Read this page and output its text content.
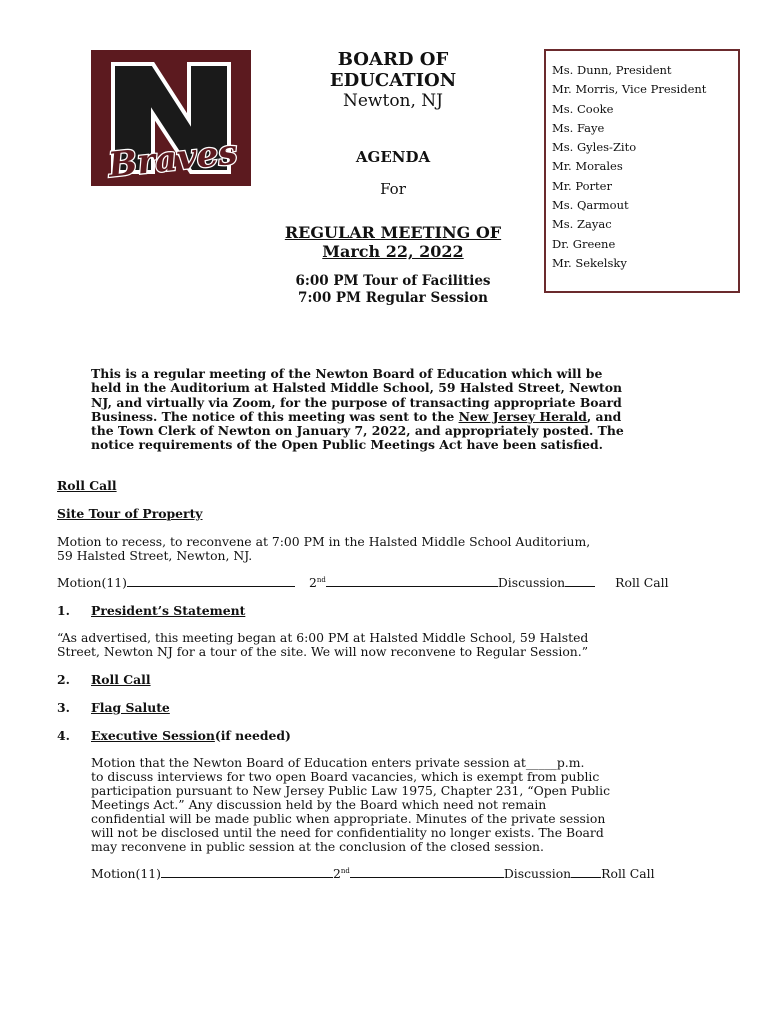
Braves
BOARD OF
EDUCATION
Newton, NJ
AGENDA
For
REGULAR MEETING OF
March 22, 2022
6:00 PM Tour of Facilities
7:00 PM Regular Session
Ms. Dunn, President
Mr. Morris, Vice President
Ms. Cooke
Ms. Faye
Ms. Gyles-Zito
Mr. Morales
Mr. Porter
Ms. Qarmout
Ms. Zayac
Dr. Greene
Mr. Sekelsky
This is a regular meeting of the Newton Board of Education which will be held in the Auditorium at Halsted Middle School, 59 Halsted Street, Newton NJ, and virtually via Zoom, for the purpose of transacting appropriate Board Business. The notice of this meeting was sent to the New Jersey Herald, and the Town Clerk of Newton on January 7, 2022, and appropriately posted. The notice requirements of the Open Public Meetings Act have been satisfied.
Roll Call
Site Tour of Property
Motion to recess, to reconvene at 7:00 PM in the Halsted Middle School Auditorium,
59 Halsted Street, Newton, NJ.
Motion(11)	2nd	Discussion	Roll Call
1. President’s Statement
“As advertised, this meeting began at 6:00 PM at Halsted Middle School, 59 Halsted
Street, Newton NJ for a tour of the site. We will now reconvene to Regular Session.”
2. Roll Call
3. Flag Salute
4. Executive Session(if needed)
Motion that the Newton Board of Education enters private session at_____p.m.
to discuss interviews for two open Board vacancies, which is exempt from public
participation pursuant to New Jersey Public Law 1975, Chapter 231, “Open Public
Meetings Act.” Any discussion held by the Board which need not remain
confidential will be made public when appropriate. Minutes of the private session
will not be disclosed until the need for confidentiality no longer exists. The Board
may reconvene in public session at the conclusion of the closed session.
Motion(11)	2nd	Discussion Roll Call
